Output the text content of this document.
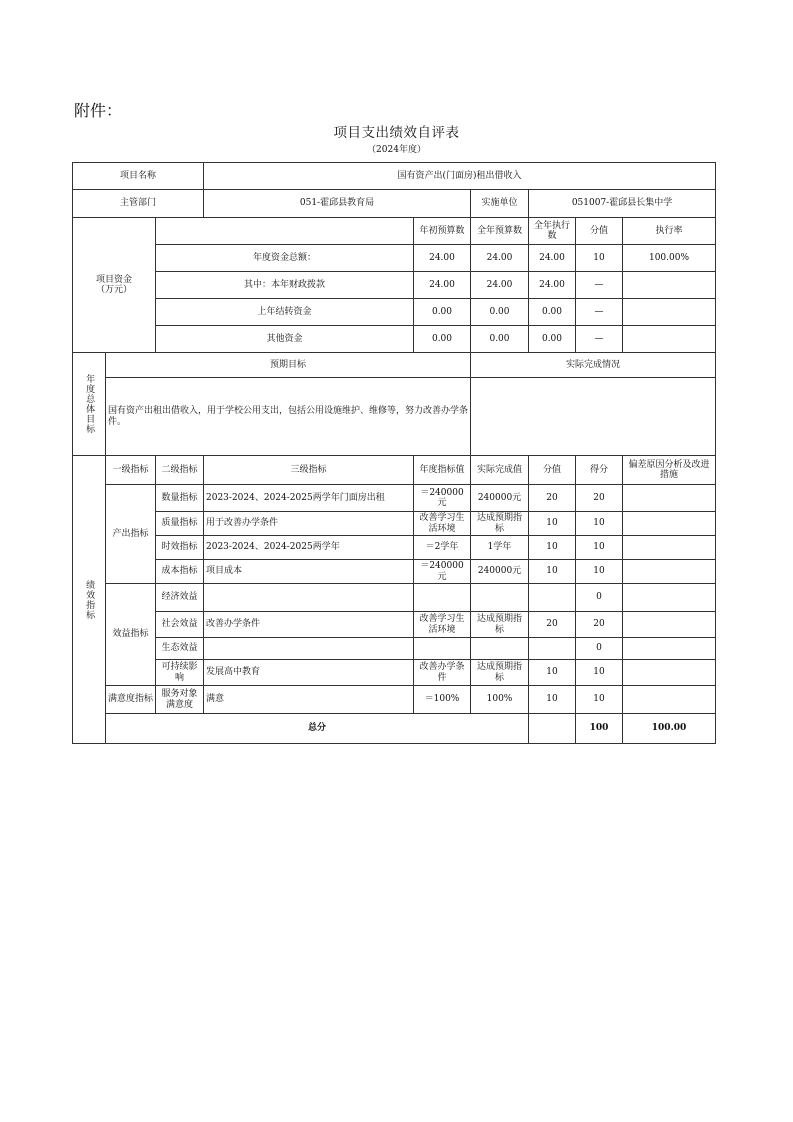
附件：
项目支出绩效自评表
（2024年度）
项目名称			国有资产出(门面房)租出借收入						
主管部门			051-霍邱县教育局		实施单位	051007-霍邱县长集中学			
项目资金
（万元）				年初预算数	全年预算数	全年执行数	分值	执行率	
		年度资金总额：		24.00	24.00	24.00	10	100.00%	
		其中：本年财政拨款		24.00	24.00	24.00	—		
		上年结转资金		0.00	0.00	0.00	—		
		其他资金		0.00	0.00	0.00	—		
年度总体目标	预期目标				实际完成情况				
	国有资产出租出借收入，用于学校公用支出，包括公用设施维护、维修等，努力改善办学条件。								
绩效指标	一级指标	二级指标	三级指标	年度指标值	实际完成值	分值	得分	偏差原因分析及改进措施	
	产出指标	数量指标	2023-2024、2024-2025两学年门面房出租	＝240000元	240000元	20	20		
		质量指标	用于改善办学条件	改善学习生活环境	达成预期指标	10	10		
		时效指标	2023-2024、2024-2025两学年	＝2学年	1学年	10	10		
		成本指标	项目成本	＝240000元	240000元	10	10		
	效益指标	经济效益					0		
		社会效益	改善办学条件	改善学习生活环境	达成预期指标	20	20		
		生态效益					0		
		可持续影响	发展高中教育	改善办学条件	达成预期指标	10	10		
	满意度指标	服务对象满意度	满意	＝100%	100%	10	10		
	总分						100	100.00	
